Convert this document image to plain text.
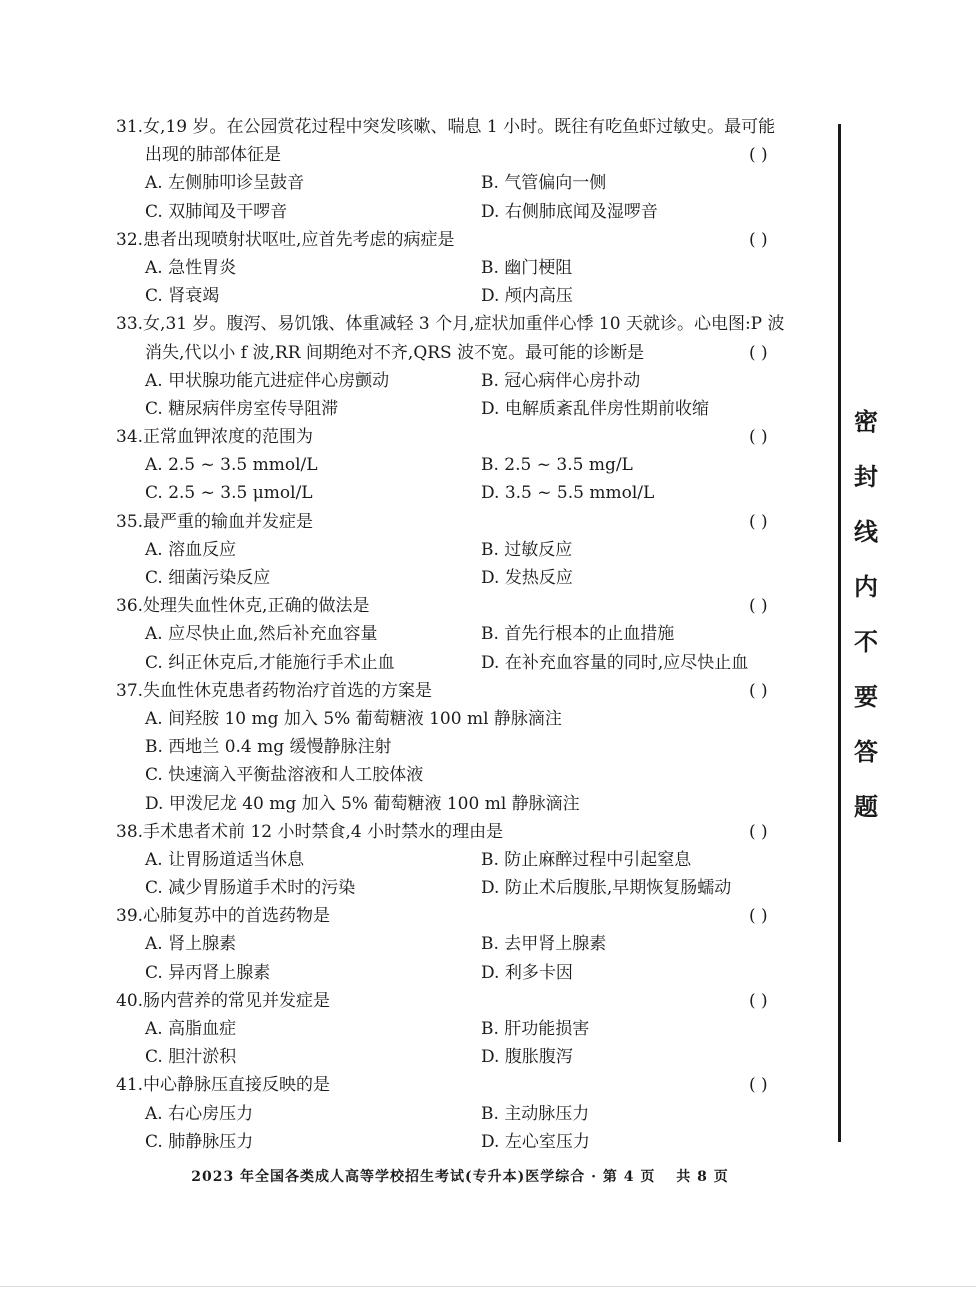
31.女,19 岁。在公园赏花过程中突发咳嗽、喘息 1 小时。既往有吃鱼虾过敏史。最可能
出现的肺部体征是	( )
A. 左侧肺叩诊呈鼓音	B. 气管偏向一侧
C. 双肺闻及干啰音	D. 右侧肺底闻及湿啰音
32.患者出现喷射状呕吐,应首先考虑的病症是	( )
A. 急性胃炎	B. 幽门梗阻
C. 肾衰竭	D. 颅内高压
33.女,31 岁。腹泻、易饥饿、体重减轻 3 个月,症状加重伴心悸 10 天就诊。心电图:P 波
消失,代以小 f 波,RR 间期绝对不齐,QRS 波不宽。最可能的诊断是	( )
A. 甲状腺功能亢进症伴心房颤动	B. 冠心病伴心房扑动
C. 糖尿病伴房室传导阻滞	D. 电解质紊乱伴房性期前收缩
34.正常血钾浓度的范围为	( )
A. 2.5 ~ 3.5 mmol/L	B. 2.5 ~ 3.5 mg/L
C. 2.5 ~ 3.5 μmol/L	D. 3.5 ~ 5.5 mmol/L
35.最严重的输血并发症是	( )
A. 溶血反应	B. 过敏反应
C. 细菌污染反应	D. 发热反应
36.处理失血性休克,正确的做法是	( )
A. 应尽快止血,然后补充血容量	B. 首先行根本的止血措施
C. 纠正休克后,才能施行手术止血	D. 在补充血容量的同时,应尽快止血
37.失血性休克患者药物治疗首选的方案是	( )
A. 间羟胺 10 mg 加入 5% 葡萄糖液 100 ml 静脉滴注
B. 西地兰 0.4 mg 缓慢静脉注射
C. 快速滴入平衡盐溶液和人工胶体液
D. 甲泼尼龙 40 mg 加入 5% 葡萄糖液 100 ml 静脉滴注
38.手术患者术前 12 小时禁食,4 小时禁水的理由是	( )
A. 让胃肠道适当休息	B. 防止麻醉过程中引起窒息
C. 减少胃肠道手术时的污染	D. 防止术后腹胀,早期恢复肠蠕动
39.心肺复苏中的首选药物是	( )
A. 肾上腺素	B. 去甲肾上腺素
C. 异丙肾上腺素	D. 利多卡因
40.肠内营养的常见并发症是	( )
A. 高脂血症	B. 肝功能损害
C. 胆汁淤积	D. 腹胀腹泻
41.中心静脉压直接反映的是	( )
A. 右心房压力	B. 主动脉压力
C. 肺静脉压力	D. 左心室压力
密
封
线
内
不
要
答
题
2023 年全国各类成人高等学校招生考试(专升本)医学综合 · 第 4 页　 共 8 页
